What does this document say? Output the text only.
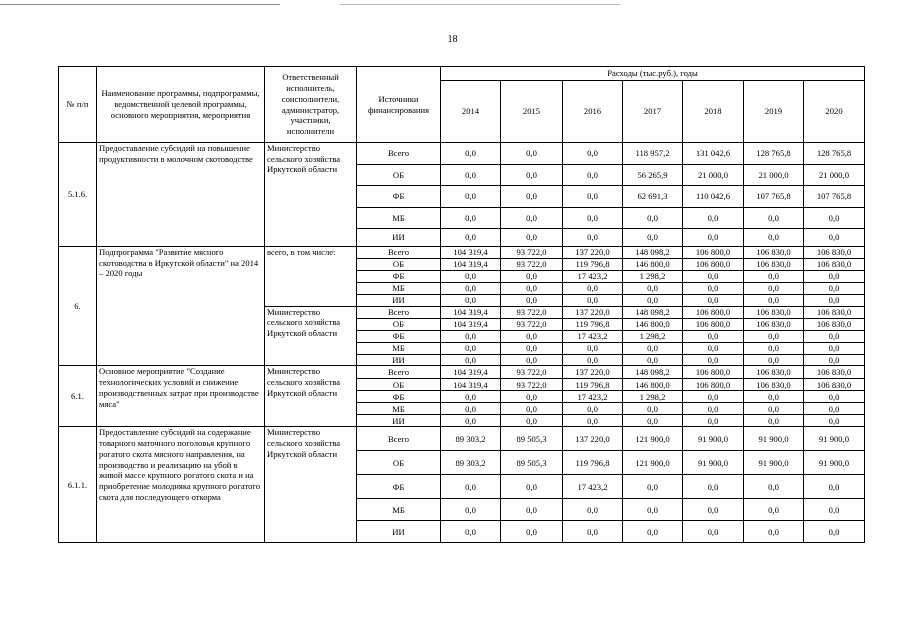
18
№ п/п	Наименование программы, подпрограммы, ведомственной целевой программы, основного мероприятия, мероприятия	Ответственный исполнитель, соисполнители, администратор, участники, исполнители	Источники финансирования	Расходы (тыс.руб.), годы						
				2014	2015	2016	2017	2018	2019	2020
5.1.6.	Предоставление субсидий на повышение продуктивности в молочном скотоводстве	Министерство сельского хозяйства Иркутской области	Всего	0,0	0,0	0,0	118 957,2	131 042,6	128 765,8	128 765,8
			ОБ	0,0	0,0	0,0	56 265,9	21 000,0	21 000,0	21 000,0
			ФБ	0,0	0,0	0,0	62 691,3	110 042,6	107 765,8	107 765,8
			МБ	0,0	0,0	0,0	0,0	0,0	0,0	0,0
			ИИ	0,0	0,0	0,0	0,0	0,0	0,0	0,0
6.	Подпрограмма "Развитие мясного скотоводства в Иркутской области" на 2014 – 2020 годы	всего, в том числе:	Всего	104 319,4	93 722,0	137 220,0	148 098,2	106 800,0	106 830,0	106 830,0
			ОБ	104 319,4	93 722,0	119 796,8	146 800,0	106 800,0	106 830,0	106 830,0
			ФБ	0,0	0,0	17 423,2	1 298,2	0,0	0,0	0,0
			МБ	0,0	0,0	0,0	0,0	0,0	0,0	0,0
			ИИ	0,0	0,0	0,0	0,0	0,0	0,0	0,0
		Министерство сельского хозяйства Иркутской области	Всего	104 319,4	93 722,0	137 220,0	148 098,2	106 800,0	106 830,0	106 830,0
			ОБ	104 319,4	93 722,0	119 796,8	146 800,0	106 800,0	106 830,0	106 830,0
			ФБ	0,0	0,0	17 423,2	1 298,2	0,0	0,0	0,0
			МБ	0,0	0,0	0,0	0,0	0,0	0,0	0,0
			ИИ	0,0	0,0	0,0	0,0	0,0	0,0	0,0
6.1.	Основное мероприятие "Создание технологических условий и снижение производственных затрат при производстве мяса"	Министерство сельского хозяйства Иркутской области	Всего	104 319,4	93 722,0	137 220,0	148 098,2	106 800,0	106 830,0	106 830,0
			ОБ	104 319,4	93 722,0	119 796,8	146 800,0	106 800,0	106 830,0	106 830,0
			ФБ	0,0	0,0	17 423,2	1 298,2	0,0	0,0	0,0
			МБ	0,0	0,0	0,0	0,0	0,0	0,0	0,0
			ИИ	0,0	0,0	0,0	0,0	0,0	0,0	0,0
6.1.1.	Предоставление субсидий на содержание товарного маточного поголовья крупного рогатого скота мясного направления, на производство и реализацию на убой в живой массе крупного рогатого скота и на приобретение молодняка крупного рогатого скота для последующего откорма	Министерство сельского хозяйства Иркутской области	Всего	89 303,2	89 505,3	137 220,0	121 900,0	91 900,0	91 900,0	91 900,0
			ОБ	89 303,2	89 505,3	119 796,8	121 900,0	91 900,0	91 900,0	91 900,0
			ФБ	0,0	0,0	17 423,2	0,0	0,0	0,0	0,0
			МБ	0,0	0,0	0,0	0,0	0,0	0,0	0,0
			ИИ	0,0	0,0	0,0	0,0	0,0	0,0	0,0
